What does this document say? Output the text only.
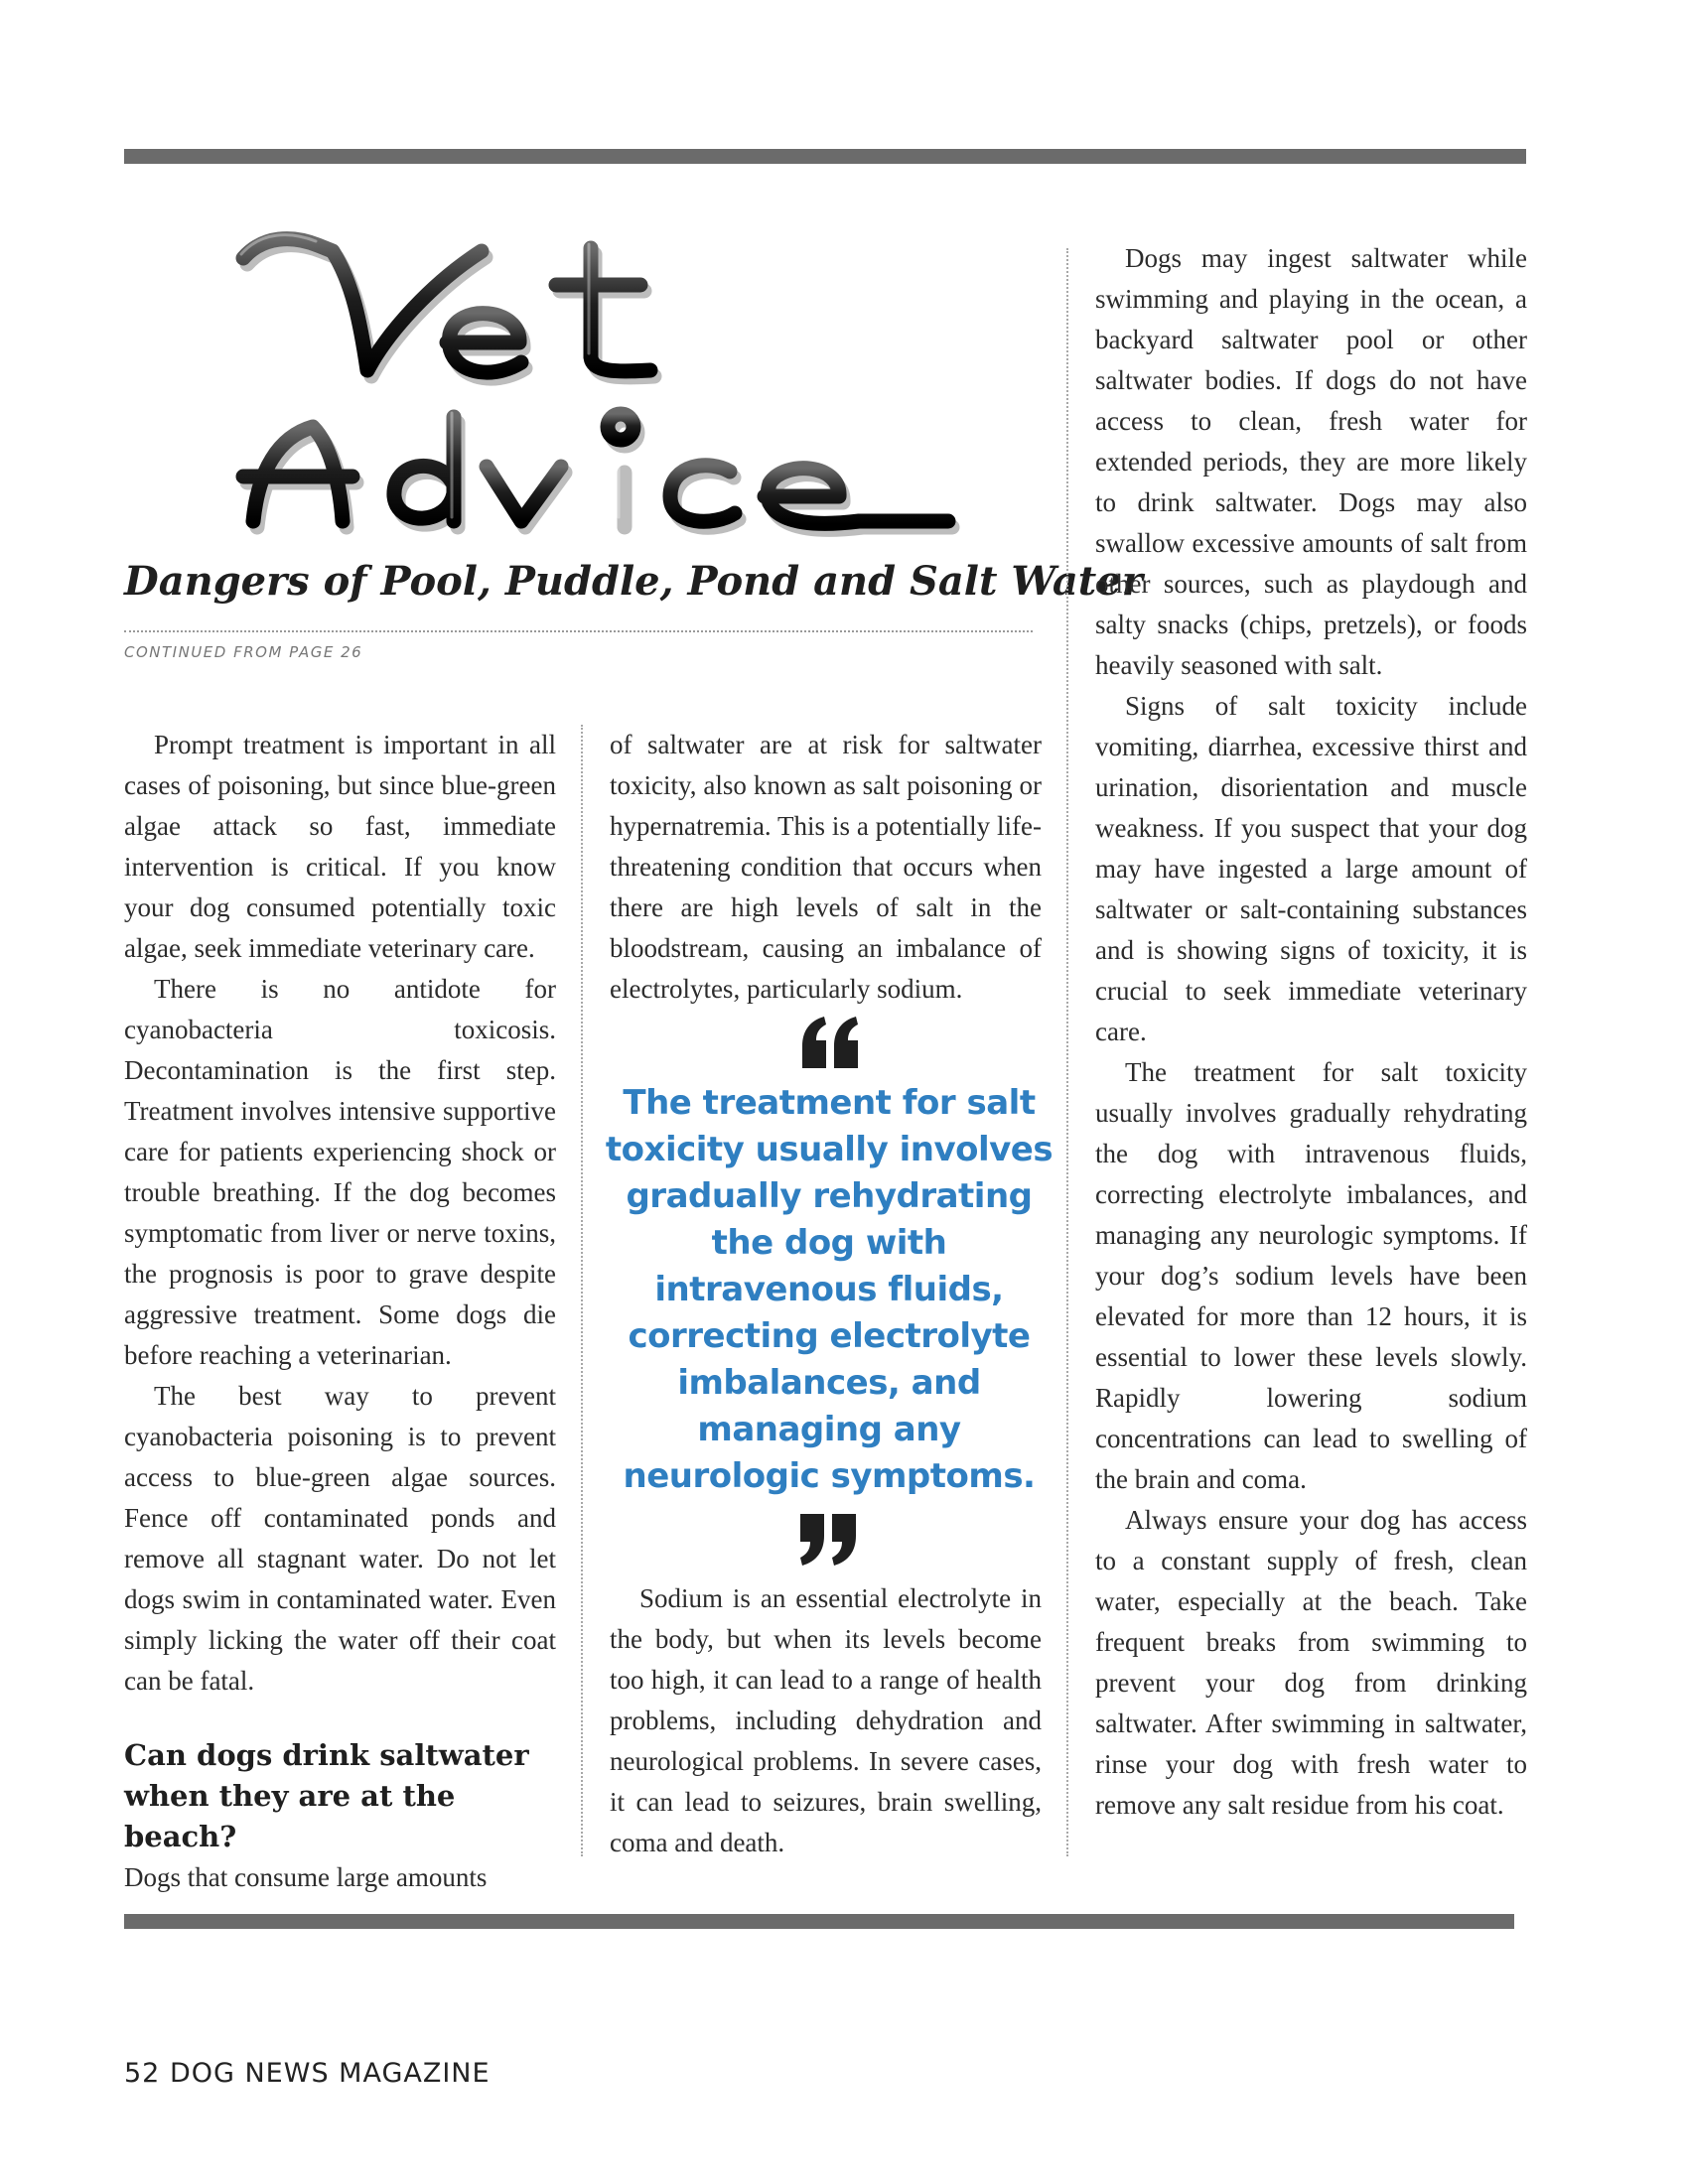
Dangers of Pool, Puddle, Pond and Salt Water

CONTINUED FROM PAGE 26

Prompt treatment is important in all cases of poisoning, but since blue-green algae attack so fast, immediate intervention is critical. If you know your dog consumed potentially toxic algae, seek immediate veterinary care.

There is no antidote for cyanobacteria toxicosis. Decontamination is the first step. Treatment involves intensive supportive care for patients experiencing shock or trouble breathing. If the dog becomes symptomatic from liver or nerve toxins, the prognosis is poor to grave despite aggressive treatment. Some dogs die before reaching a veterinarian.

The best way to prevent cyanobacteria poisoning is to prevent access to blue-green algae sources. Fence off contaminated ponds and remove all stagnant water. Do not let dogs swim in contaminated water. Even simply licking the water off their coat can be fatal.

Can dogs drink saltwater when they are at the beach?

Dogs that consume large amounts

of saltwater are at risk for saltwater toxicity, also known as salt poisoning or hypernatremia. This is a potentially life-threatening condition that occurs when there are high levels of salt in the bloodstream, causing an imbalance of electrolytes, particularly sodium.

The treatment for salt toxicity usually involves gradually rehydrating the dog with intravenous fluids, correcting electrolyte imbalances, and managing any neurologic symptoms.

Sodium is an essential electrolyte in the body, but when its levels become too high, it can lead to a range of health problems, including dehydration and neurological problems. In severe cases, it can lead to seizures, brain swelling, coma and death.

Dogs may ingest saltwater while swimming and playing in the ocean, a backyard saltwater pool or other saltwater bodies. If dogs do not have access to clean, fresh water for extended periods, they are more likely to drink saltwater. Dogs may also swallow excessive amounts of salt from other sources, such as playdough and salty snacks (chips, pretzels), or foods heavily seasoned with salt.

Signs of salt toxicity include vomiting, diarrhea, excessive thirst and urination, disorientation and muscle weakness. If you suspect that your dog may have ingested a large amount of saltwater or salt-containing substances and is showing signs of toxicity, it is crucial to seek immediate veterinary care.

The treatment for salt toxicity usually involves gradually rehydrating the dog with intravenous fluids, correcting electrolyte imbalances, and managing any neurologic symptoms. If your dog’s sodium levels have been elevated for more than 12 hours, it is essential to lower these levels slowly. Rapidly lowering sodium concentrations can lead to swelling of the brain and coma.

Always ensure your dog has access to a constant supply of fresh, clean water, especially at the beach. Take frequent breaks from swimming to prevent your dog from drinking saltwater. After swimming in saltwater, rinse your dog with fresh water to remove any salt residue from his coat.

52 DOG NEWS MAGAZINE
